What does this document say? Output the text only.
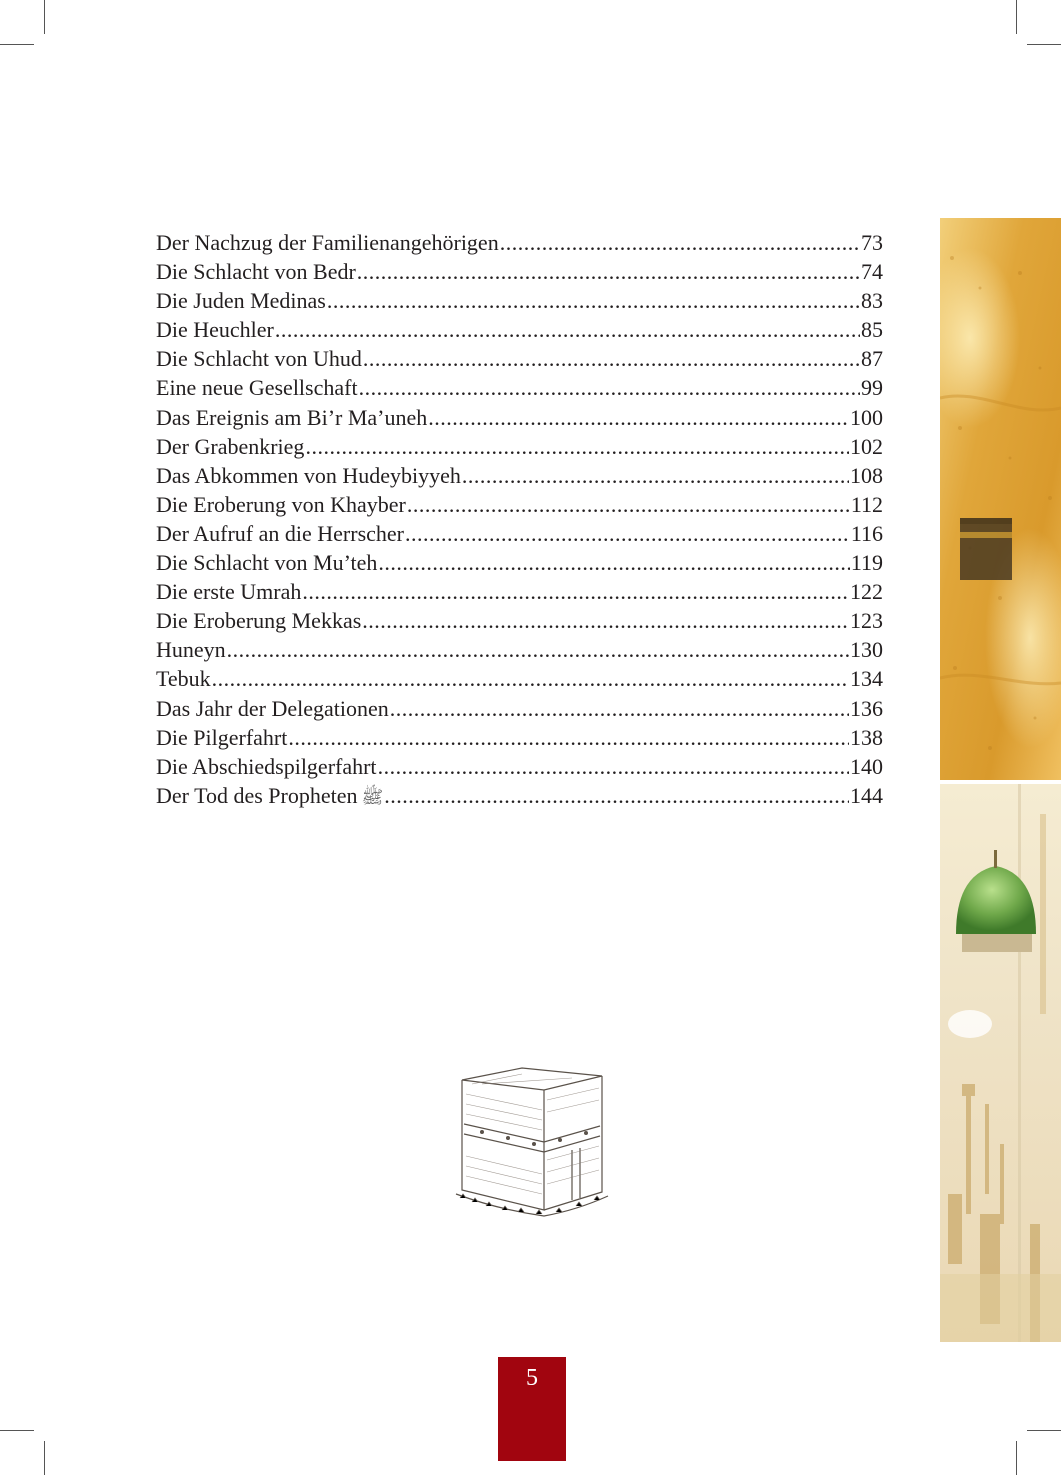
Der Nachzug der Familienangehörigen .....	73
Die Schlacht von Bedr .....	74
Die Juden Medinas .....	83
Die Heuchler .....	85
Die Schlacht von Uhud .....	87
Eine neue Gesellschaft .....	99
Das Ereignis am Bi’r Ma’uneh .....	100
Der Grabenkrieg .....	102
Das Abkommen von Hudeybiyyeh .....	108
Die Eroberung von Khayber .....	112
Der Aufruf an die Herrscher .....	116
Die Schlacht von Mu’teh .....	119
Die erste Umrah .....	122
Die Eroberung Mekkas .....	123
Huneyn .....	130
Tebuk .....	134
Das Jahr der Delegationen .....	136
Die Pilgerfahrt .....	138
Die Abschiedspilgerfahrt .....	140
Der Tod des Propheten ﷺ .....	144
5
